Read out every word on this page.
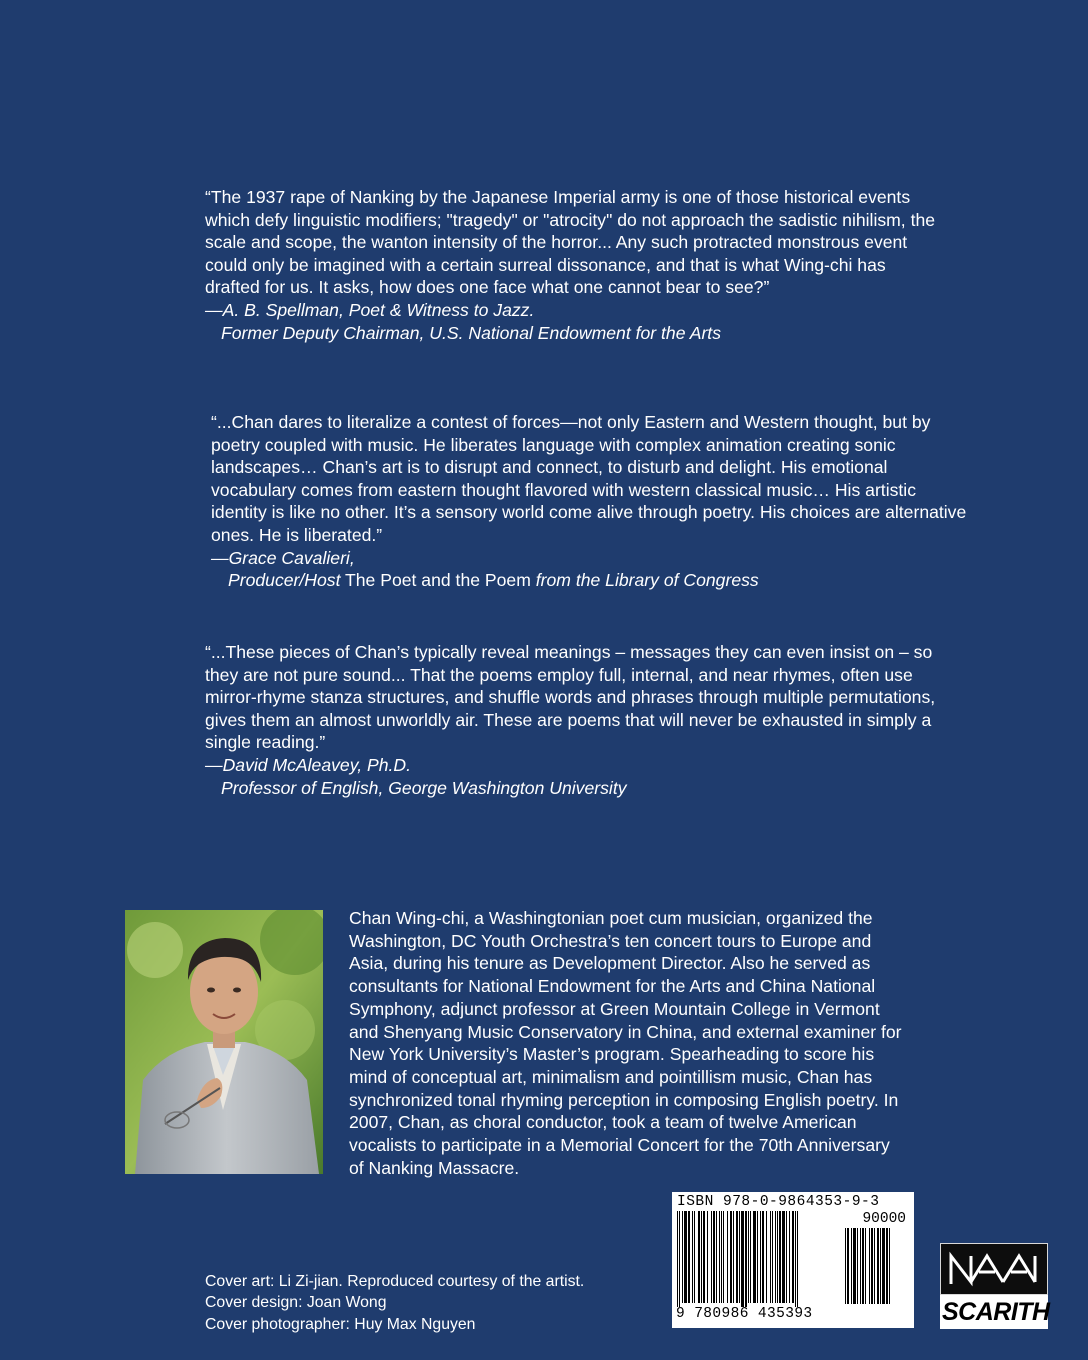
“The 1937 rape of Nanking by the Japanese Imperial army is one of those historical events which defy linguistic modifiers; "tragedy" or "atrocity" do not approach the sadistic nihilism, the scale and scope, the wanton intensity of the horror... Any such protracted monstrous event could only be imagined with a certain surreal dissonance, and that is what Wing-chi has drafted for us. It asks, how does one face what one cannot bear to see?”

—A. B. Spellman, Poet & Witness to Jazz.

Former Deputy Chairman, U.S. National Endowment for the Arts

“...Chan dares to literalize a contest of forces—not only Eastern and Western thought, but by poetry coupled with music. He liberates language with complex animation creating sonic landscapes… Chan’s art is to disrupt and connect, to disturb and delight. His emotional vocabulary comes from eastern thought flavored with western classical music… His artistic identity is like no other. It’s a sensory world come alive through poetry. His choices are alternative ones. He is liberated.”

—Grace Cavalieri,

Producer/Host The Poet and the Poem from the Library of Congress

“...These pieces of Chan’s typically reveal meanings – messages they can even insist on – so they are not pure sound... That the poems employ full, internal, and near rhymes, often use mirror-rhyme stanza structures, and shuffle words and phrases through multiple permutations, gives them an almost unworldly air. These are poems that will never be exhausted in simply a single reading.”

—David McAleavey, Ph.D.

Professor of English, George Washington University

Chan Wing-chi, a Washingtonian poet cum musician, organized the Washington, DC Youth Orchestra’s ten concert tours to Europe and Asia, during his tenure as Development Director. Also he served as consultants for National Endowment for the Arts and China National Symphony, adjunct professor at Green Mountain College in Vermont and Shenyang Music Conservatory in China, and external examiner for New York University’s Master’s program. Spearheading to score his mind of conceptual art, minimalism and pointillism music, Chan has synchronized tonal rhyming perception in composing English poetry. In 2007, Chan, as choral conductor, took a team of twelve American vocalists to participate in a Memorial Concert for the 70th Anniversary of Nanking Massacre.
Cover art: Li Zi-jian. Reproduced courtesy of the artist.
Cover design: Joan Wong
Cover photographer: Huy Max Nguyen
ISBN 978-0-9864353-9-3
90000
9 780986 435393	SCARITH
